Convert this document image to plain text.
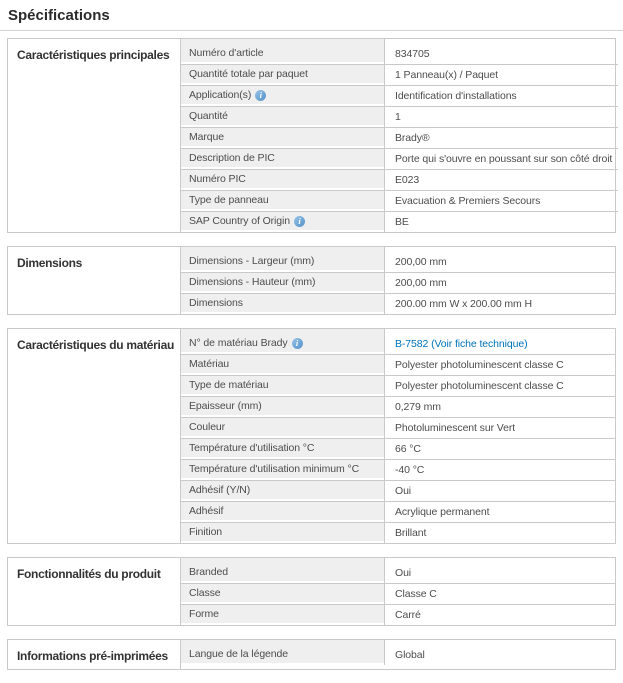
Spécifications
Caractéristiques principales	Numéro d'article	834705
Quantité totale par paquet	1 Panneau(x) / Paquet
Application(s) i	Identification d'installations
Quantité	1
Marque	Brady®
Description de PIC	Porte qui s'ouvre en poussant sur son côté droit
Numéro PIC	E023
Type de panneau	Evacuation & Premiers Secours
SAP Country of Origin i	BE
Dimensions	Dimensions - Largeur (mm)	200,00 mm
Dimensions - Hauteur (mm)	200,00 mm
Dimensions	200.00 mm W x 200.00 mm H
Caractéristiques du matériau	N° de matériau Brady i	B-7582 (Voir fiche technique)
Matériau	Polyester photoluminescent classe C
Type de matériau	Polyester photoluminescent classe C
Epaisseur (mm)	0,279 mm
Couleur	Photoluminescent sur Vert
Température d'utilisation °C	66 °C
Température d'utilisation minimum °C	-40 °C
Adhésif (Y/N)	Oui
Adhésif	Acrylique permanent
Finition	Brillant
Fonctionnalités du produit	Branded	Oui
Classe	Classe C
Forme	Carré
Informations pré-imprimées	Langue de la légende	Global
